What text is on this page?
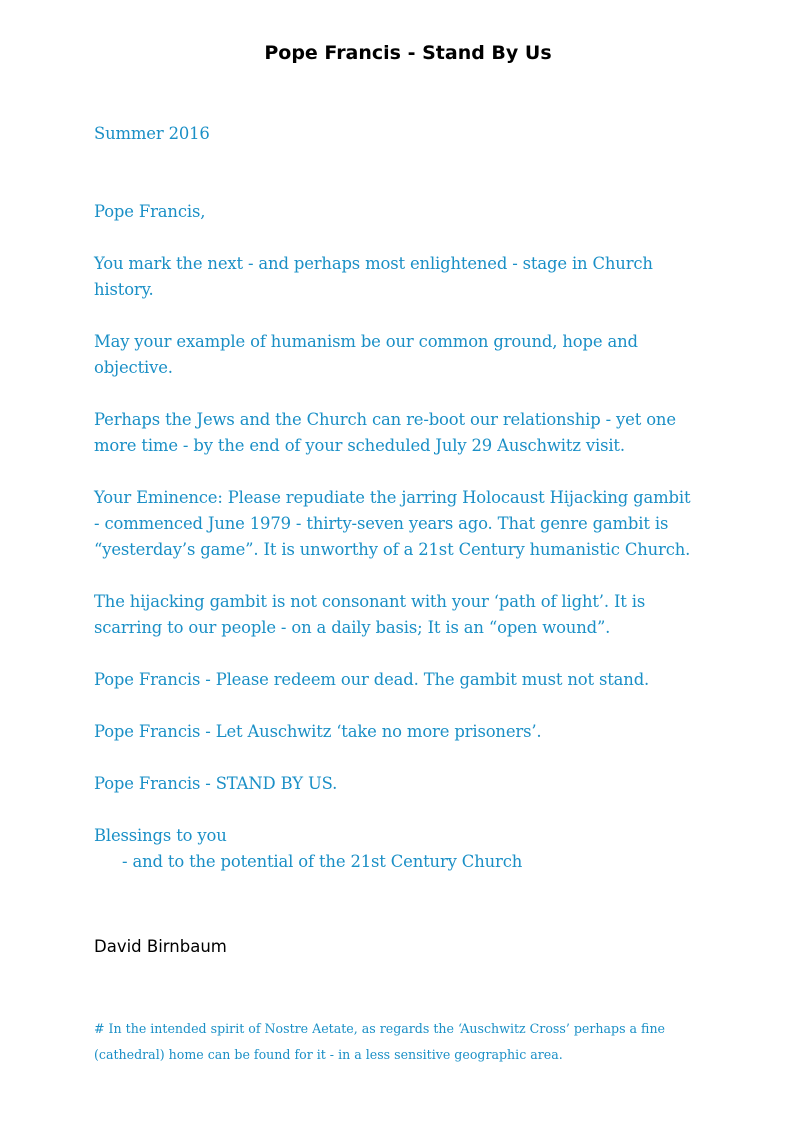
Pope Francis - Stand By Us

Summer 2016

Pope Francis,

You mark the next - and perhaps most enlightened - stage in Church
history.

May your example of humanism be our common ground, hope and
objective.

Perhaps the Jews and the Church can re-boot our relationship - yet one
more time - by the end of your scheduled July 29 Auschwitz visit.

Your Eminence: Please repudiate the jarring Holocaust Hijacking gambit
- commenced June 1979 - thirty-seven years ago. That genre gambit is
“yesterday’s game”. It is unworthy of a 21st Century humanistic Church.

The hijacking gambit is not consonant with your ‘path of light’. It is
scarring to our people - on a daily basis; It is an “open wound”.

Pope Francis - Please redeem our dead. The gambit must not stand.

Pope Francis - Let Auschwitz ‘take no more prisoners’.

Pope Francis - STAND BY US.

Blessings to you
- and to the potential of the 21st Century Church

David Birnbaum

# In the intended spirit of Nostre Aetate, as regards the ‘Auschwitz Cross’ perhaps a fine
(cathedral) home can be found for it - in a less sensitive geographic area.
